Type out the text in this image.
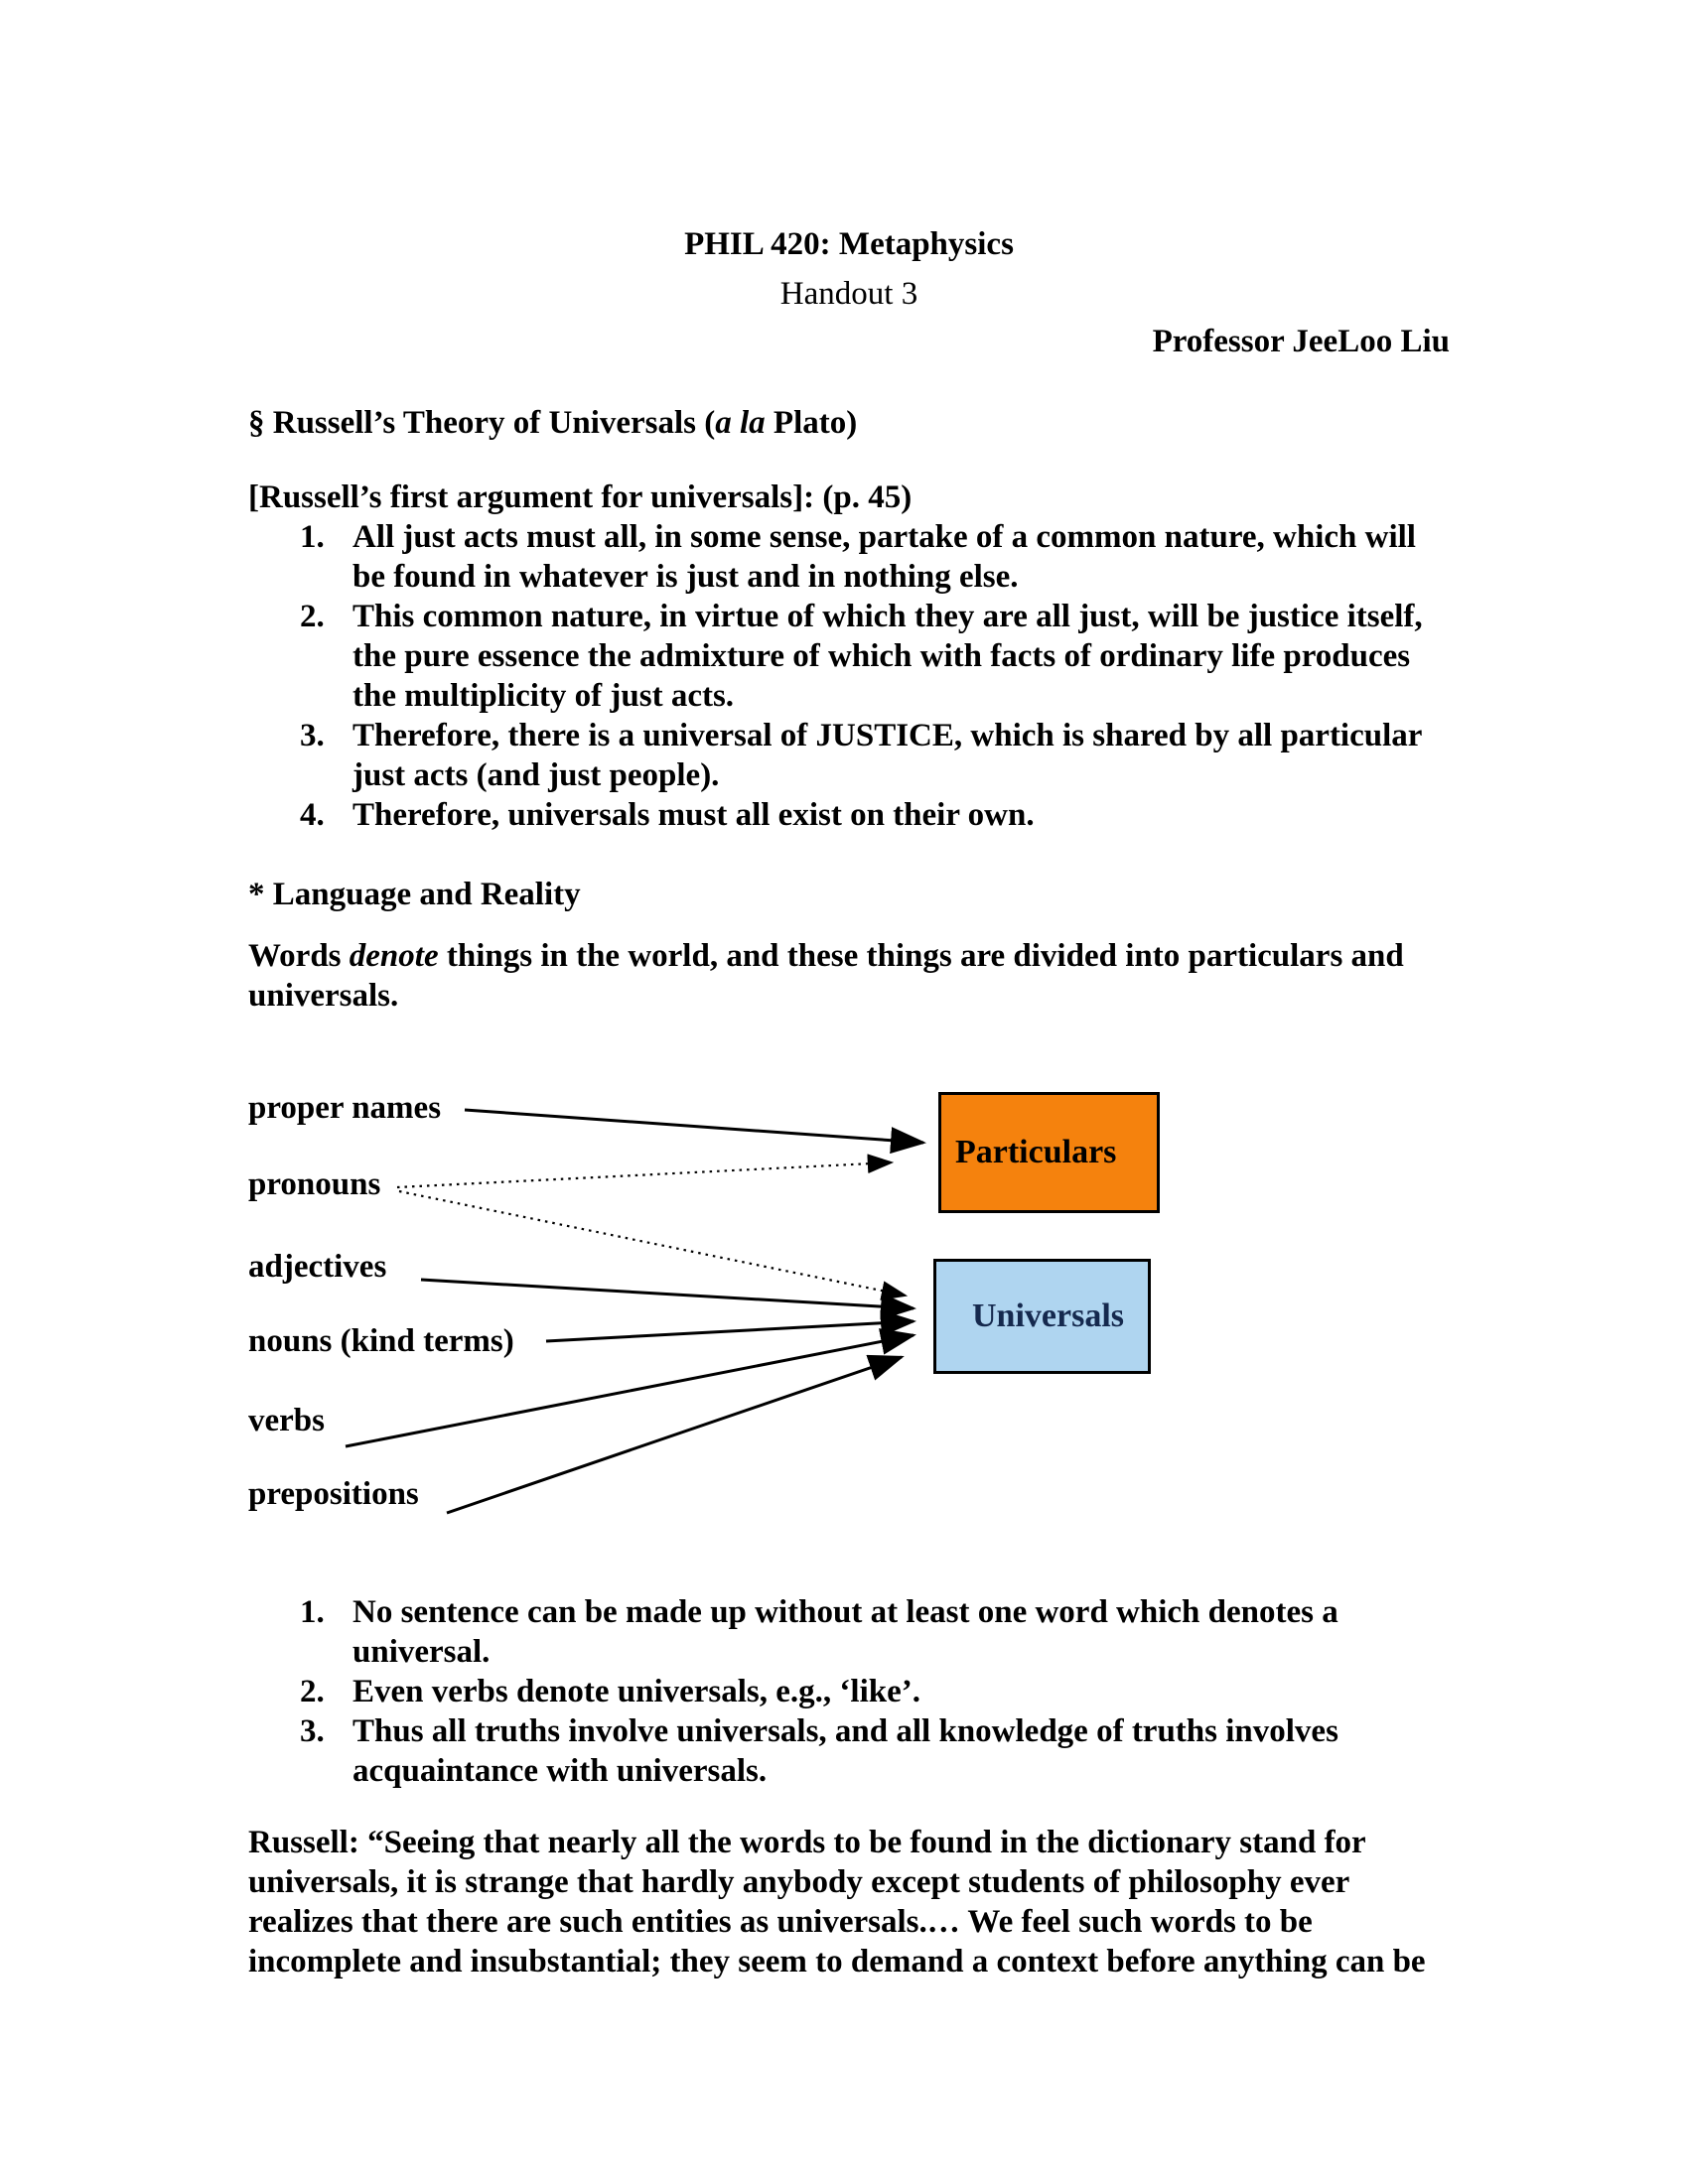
PHIL 420: Metaphysics
Handout 3
Professor JeeLoo Liu
§ Russell’s Theory of Universals (a la Plato)
[Russell’s first argument for universals]: (p. 45)
1. All just acts must all, in some sense, partake of a common nature, which will be found in whatever is just and in nothing else.
2. This common nature, in virtue of which they are all just, will be justice itself, the pure essence the admixture of which with facts of ordinary life produces the multiplicity of just acts.
3. Therefore, there is a universal of JUSTICE, which is shared by all particular just acts (and just people).
4. Therefore, universals must all exist on their own.
* Language and Reality
Words denote things in the world, and these things are divided into particulars and universals.
proper names
pronouns
adjectives
nouns (kind terms)
verbs
prepositions
Particulars
Universals
1. No sentence can be made up without at least one word which denotes a universal.
2. Even verbs denote universals, e.g., ‘like’.
3. Thus all truths involve universals, and all knowledge of truths involves acquaintance with universals.
Russell: “Seeing that nearly all the words to be found in the dictionary stand for universals, it is strange that hardly anybody except students of philosophy ever realizes that there are such entities as universals.… We feel such words to be incomplete and insubstantial; they seem to demand a context before anything can be
